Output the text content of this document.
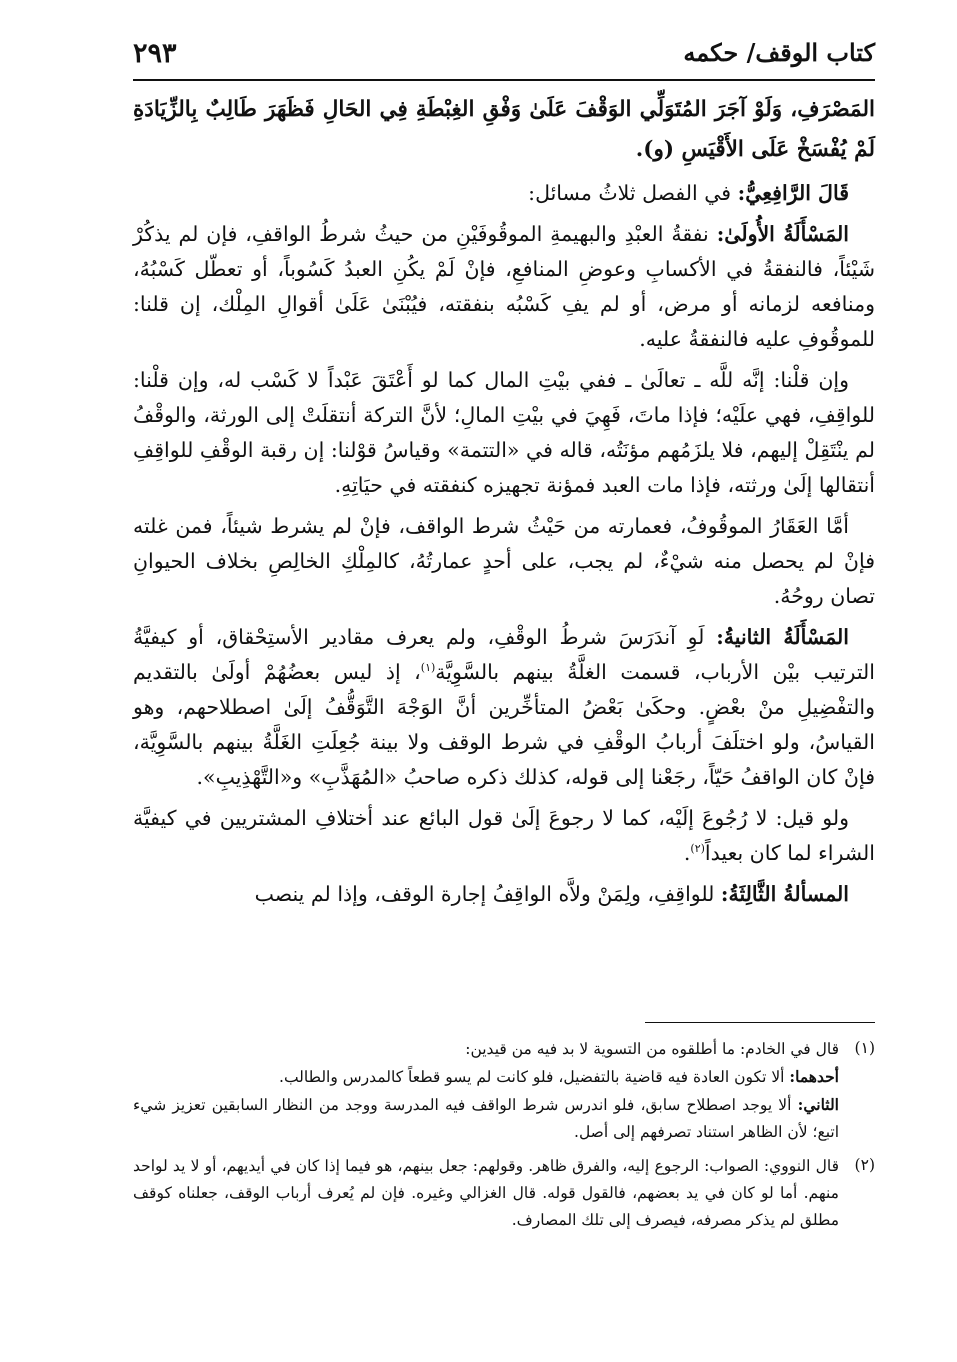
كتاب الوقف/ حكمه
٢٩٣

المَصْرَفِ، وَلَوْ آجَرَ المُتَوَلِّي الوَقْفَ عَلَىٰ وَفْقِ الغِبْطَةِ فِي الحَالِ فَظَهَرَ طَالِبٌ بِالزِّيَادَةِ لَمْ يُفْسَخْ عَلَى الأَقْيَسِ (و).

قَالَ الرَّافِعِيُّ: في الفصل ثلاثُ مسائل:

المَسْأَلَةُ الأُولَىٰ: نفقةُ العبْدِ والبهيمةِ الموقُوفَيْنِ من حيثُ شرطُ الواقفِ، فإن لم يذكُرْ شَيْئاً، فالنفقةُ في الأكسابِ وعوضِ المنافعِ، فإنْ لَمْ يكُنِ العبدُ كَسُوباً، أو تعطّل كَسْبُهُ، ومنافعه لزمانه أو مرض، أو لم يفِ كَسْبُه بنفقته، فيُبْنَىٰ عَلَىٰ أقوالِ المِلْك، إن قلنا: للموقُوفِ عليه فالنفقةُ عليه.

وإن قلْنا: إنَّه للَّه ـ تعالَىٰ ـ ففي بيْتِ المال كما لو أَعْتَقَ عَبْداً لا كَسْب له، وإن قلْنا: للواقِفِ، فهي علَيْه؛ فإذا ماتَ، فَهِيَ في بيْتِ المالِ؛ لأنَّ التركة أنتقلَتْ إلى الورثة، والوقْفُ لم ينْتَقِلْ إليهم، فلا يلزَمُهم مؤنَتُه، قاله في «التتمة» وقياسُ قوْلنا: إن رقبة الوقْفِ للواقِفِ أنتقالها إلَىٰ ورثته، فإذا مات العبد فمؤنة تجهيزه كنفقته في حيَاتِهِ.

أمَّا العَقَارُ الموقُوفُ، فعمارته من حَيْثُ شرط الواقف، فإنْ لم يشرط شيئاً، فمن غلته فإنْ لم يحصل منه شيْءٌ، لم يجب، على أحدٍ عمارتُهُ، كالمِلْكِ الخالِصِ بخلاف الحيوانِ تصان روحُهُ.

المَسْأَلَةُ الثانيةُ: لَوِ آندَرَسَ شرطُ الوقْفِ، ولم يعرف مقادير الأستِحْقاق، أو كيفيَّةُ الترتيب بيْن الأرباب، قسمت الغلَّةُ بينهم بالسَّوِيَّة$^{(١)}$، إذ ليس بعضُهُمْ أولَىٰ بالتقديم والتفْضِيلِ منْ بعْضٍ. وحكَىٰ بَعْضُ المتأخِّرين أنَّ الوَجْهَ التَّوَقُّفُ إلَىٰ اصطلاحهم، وهو القياسُ، ولو اختلَفَ أربابُ الوقْفِ في شرط الوقف ولا بينة جُعِلَتِ الغَلَّةُ بينهم بالسَّوِيَّة، فإنْ كان الواقفُ حَيّاً، رجَعْنا إلى قوله، كذلك ذكره صاحبُ «المُهَذَّبِ» و«التَّهْذِيبِ».

ولو قيل: لا رُجُوعَ إلَيْه، كما لا رجوعَ إلَىٰ قول البائع عند أختلافِ المشتريين في كيفيَّة الشراء لما كان بعيداً$^{(٢)}$.

المسألةُ الثَّالِثَةُ: للواقِفِ، ولِمَنْ ولاَّه الواقِفُ إجارة الوقف، وإذا لم ينصب

(١)

قال في الخادم: ما أطلقوه من التسوية لا بد فيه من قيدين:

أحدهما: ألا تكون العادة فيه قاضية بالتفضيل، فلو كانت لم يسو قطعاً كالمدرس والطالب.

الثاني: ألا يوجد اصطلاح سابق، فلو اندرس شرط الواقف فيه المدرسة ووجد من النظار السابقين تعزيز شيء اتبع؛ لأن الظاهر استناد تصرفهم إلى أصل.

(٢)

قال النووي: الصواب: الرجوع إليه، والفرق ظاهر. وقولهم: جعل بينهم، هو فيما إذا كان في أيديهم، أو لا يد لواحد منهم. أما لو كان في يد بعضهم، فالقول قوله. قال الغزالي وغيره. فإن لم يُعرف أرباب الوقف، جعلناه كوقف مطلق لم يذكر مصرفه، فيصرف إلى تلك المصارف.
